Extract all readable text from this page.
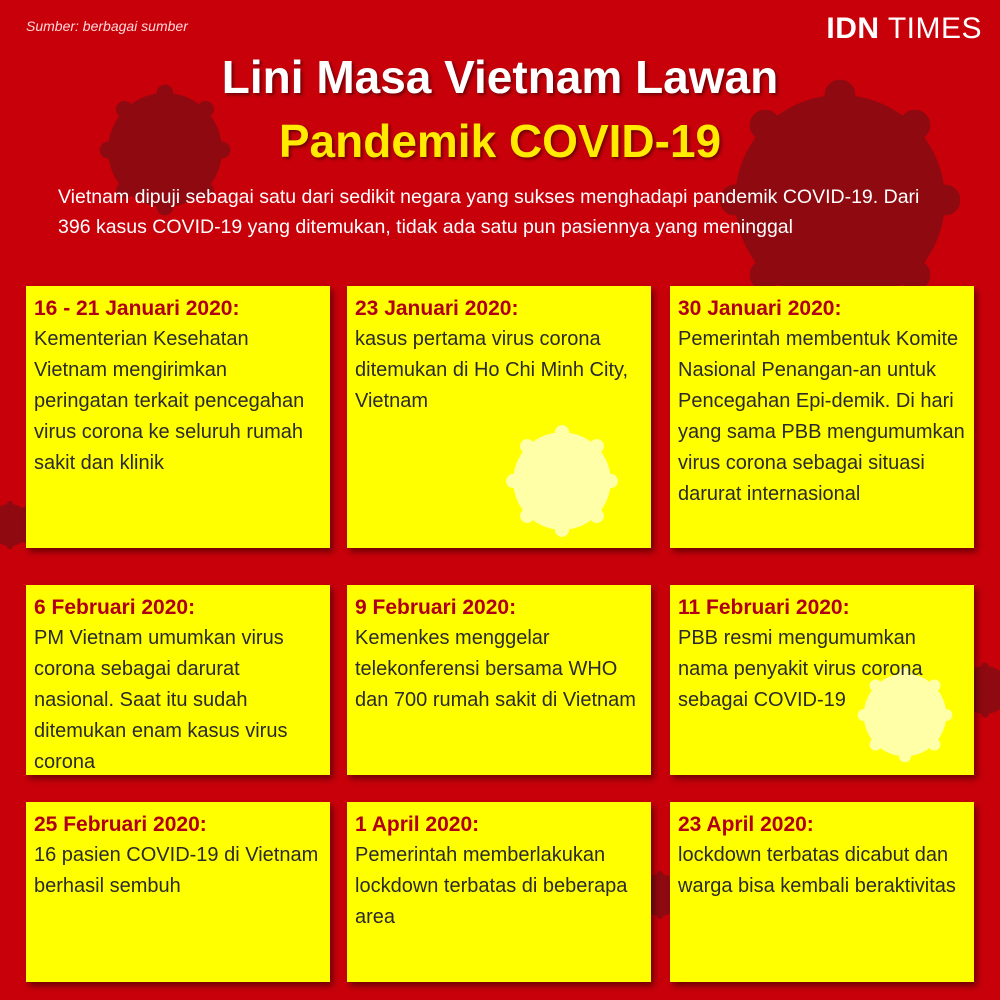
Sumber: berbagai sumber	IDN TIMES
Lini Masa Vietnam Lawan
Pandemik COVID-19
Vietnam dipuji sebagai satu dari sedikit negara yang sukses menghadapi pandemik COVID-19. Dari 396 kasus COVID-19 yang ditemukan, tidak ada satu pun pasiennya yang meninggal
16 - 21 Januari 2020:
Kementerian Kesehatan Vietnam mengirimkan peringatan terkait pencegahan virus corona ke seluruh rumah sakit dan klinik
23 Januari 2020:
kasus pertama virus corona ditemukan di Ho Chi Minh City, Vietnam
30 Januari 2020:
Pemerintah membentuk Komite Nasional Penangan-an untuk Pencegahan Epi-demik. Di hari yang sama PBB mengumumkan virus corona sebagai situasi darurat internasional
6 Februari 2020:
PM Vietnam umumkan virus corona sebagai darurat nasional. Saat itu sudah ditemukan enam kasus virus corona
9 Februari 2020:
Kemenkes menggelar telekonferensi bersama WHO dan 700 rumah sakit di Vietnam
11 Februari 2020:
PBB resmi mengumumkan nama penyakit virus corona sebagai COVID-19
25 Februari 2020:
16 pasien COVID-19 di Vietnam berhasil sembuh
1 April 2020:
Pemerintah memberlakukan lockdown terbatas di beberapa area
23 April 2020:
lockdown terbatas dicabut dan warga bisa kembali beraktivitas
